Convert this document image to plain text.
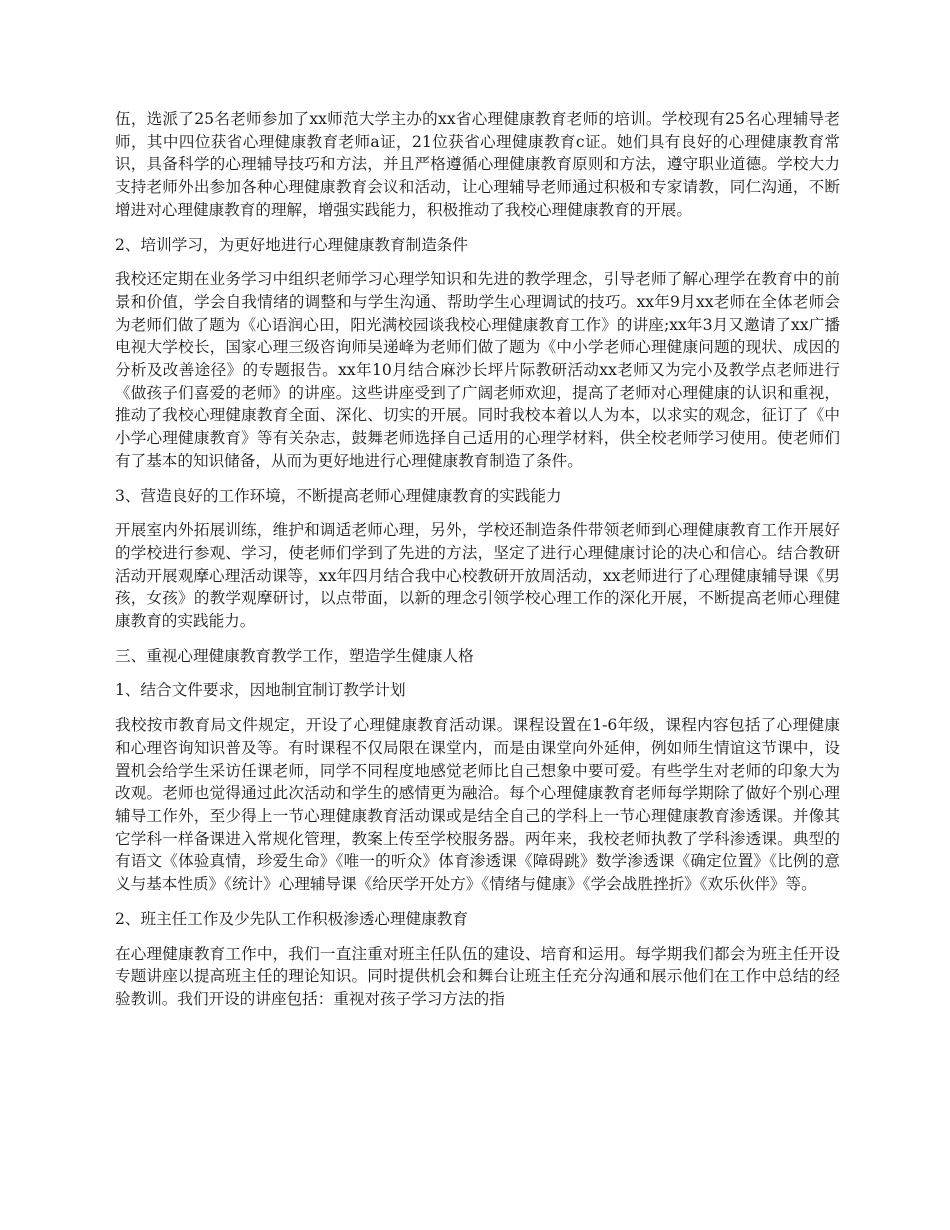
伍，选派了25名老师参加了xx师范大学主办的xx省心理健康教育老师的培训。学校现有25名心理辅导老师，其中四位获省心理健康教育老师a证，21位获省心理健康教育c证。她们具有良好的心理健康教育常识，具备科学的心理辅导技巧和方法，并且严格遵循心理健康教育原则和方法，遵守职业道德。学校大力支持老师外出参加各种心理健康教育会议和活动，让心理辅导老师通过积极和专家请教，同仁沟通，不断增进对心理健康教育的理解，增强实践能力，积极推动了我校心理健康教育的开展。

2、培训学习，为更好地进行心理健康教育制造条件

我校还定期在业务学习中组织老师学习心理学知识和先进的教学理念，引导老师了解心理学在教育中的前景和价值，学会自我情绪的调整和与学生沟通、帮助学生心理调试的技巧。xx年9月xx老师在全体老师会为老师们做了题为《心语润心田，阳光满校园谈我校心理健康教育工作》的讲座;xx年3月又邀请了xx广播电视大学校长，国家心理三级咨询师吴递峰为老师们做了题为《中小学老师心理健康问题的现状、成因的分析及改善途径》的专题报告。xx年10月结合麻沙长坪片际教研活动xx老师又为完小及教学点老师进行《做孩子们喜爱的老师》的讲座。这些讲座受到了广阔老师欢迎，提高了老师对心理健康的认识和重视，推动了我校心理健康教育全面、深化、切实的开展。同时我校本着以人为本，以求实的观念，征订了《中小学心理健康教育》等有关杂志，鼓舞老师选择自己适用的心理学材料，供全校老师学习使用。使老师们有了基本的知识储备，从而为更好地进行心理健康教育制造了条件。

3、营造良好的工作环境，不断提高老师心理健康教育的实践能力

开展室内外拓展训练，维护和调适老师心理，另外，学校还制造条件带领老师到心理健康教育工作开展好的学校进行参观、学习，使老师们学到了先进的方法，坚定了进行心理健康讨论的决心和信心。结合教研活动开展观摩心理活动课等，xx年四月结合我中心校教研开放周活动，xx老师进行了心理健康辅导课《男孩，女孩》的教学观摩研讨，以点带面，以新的理念引领学校心理工作的深化开展，不断提高老师心理健康教育的实践能力。

三、重视心理健康教育教学工作，塑造学生健康人格

1、结合文件要求，因地制宜制订教学计划

我校按市教育局文件规定，开设了心理健康教育活动课。课程设置在1-6年级，课程内容包括了心理健康和心理咨询知识普及等。有时课程不仅局限在课堂内，而是由课堂向外延伸，例如师生情谊这节课中，设置机会给学生采访任课老师，同学不同程度地感觉老师比自己想象中要可爱。有些学生对老师的印象大为改观。老师也觉得通过此次活动和学生的感情更为融洽。每个心理健康教育老师每学期除了做好个别心理辅导工作外，至少得上一节心理健康教育活动课或是结全自己的学科上一节心理健康教育渗透课。并像其它学科一样备课进入常规化管理，教案上传至学校服务器。两年来，我校老师执教了学科渗透课。典型的有语文《体验真情，珍爱生命》《唯一的听众》体育渗透课《障碍跳》数学渗透课《确定位置》《比例的意义与基本性质》《统计》心理辅导课《给厌学开处方》《情绪与健康》《学会战胜挫折》《欢乐伙伴》等。

2、班主任工作及少先队工作积极渗透心理健康教育

在心理健康教育工作中，我们一直注重对班主任队伍的建设、培育和运用。每学期我们都会为班主任开设专题讲座以提高班主任的理论知识。同时提供机会和舞台让班主任充分沟通和展示他们在工作中总结的经验教训。我们开设的讲座包括：重视对孩子学习方法的指
